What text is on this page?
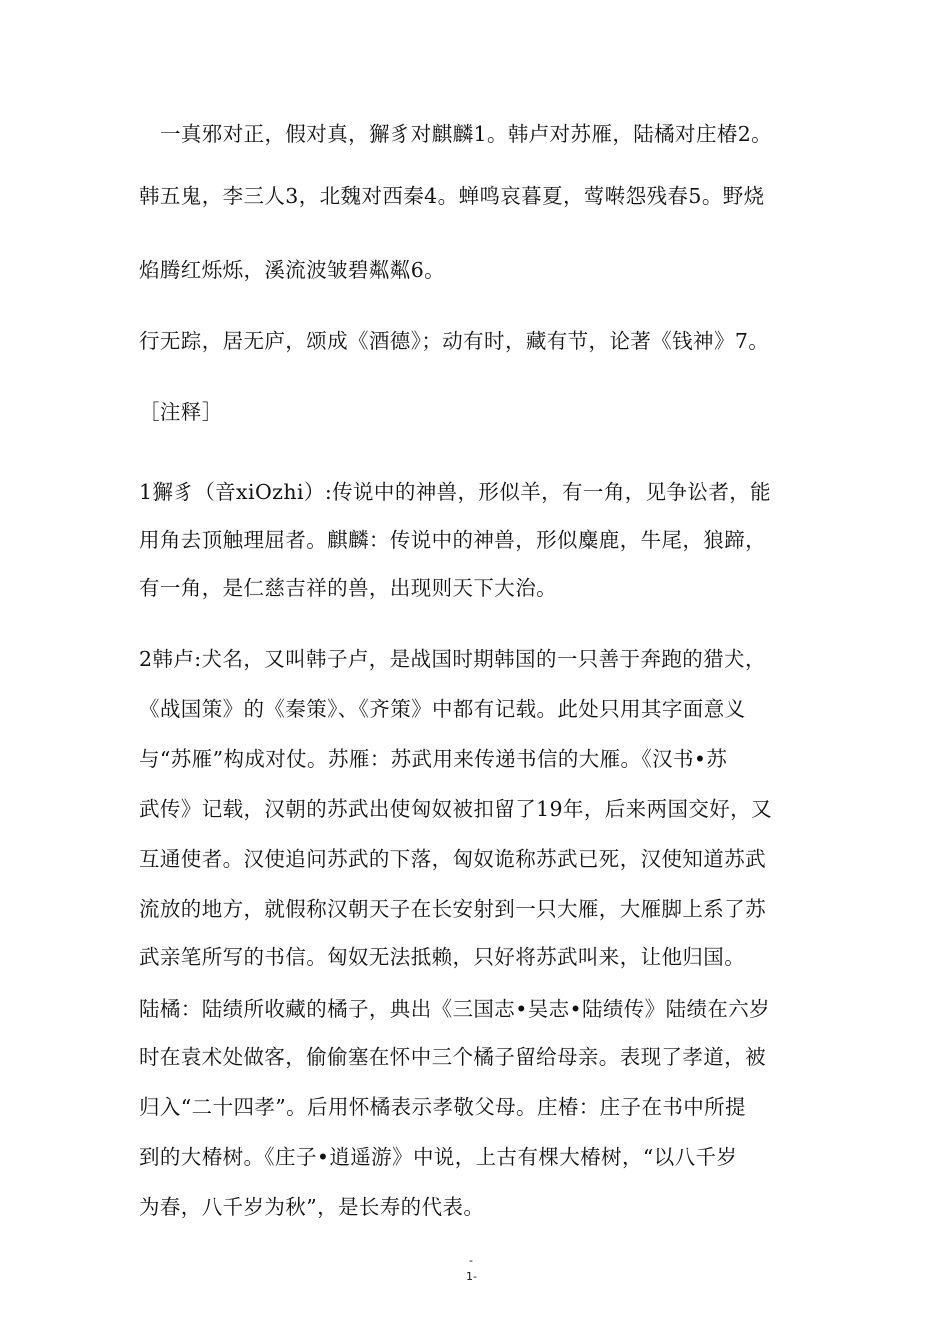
一真邪对正，假对真，獬豸对麒麟1。韩卢对苏雁，陆橘对庄椿2。
韩五鬼，李三人3，北魏对西秦4。蝉鸣哀暮夏，莺啭怨残春5。野烧
焰腾红烁烁，溪流波皱碧粼粼6。
行无踪，居无庐，颂成《酒德》；动有时，藏有节，论著《钱神》7。
［注释］
1獬豸（音xiОzhi）:传说中的神兽，形似羊，有一角，见争讼者，能
用角去顶触理屈者。麒麟：传说中的神兽，形似麋鹿，牛尾，狼蹄，
有一角，是仁慈吉祥的兽，出现则天下大治。
2韩卢:犬名，又叫韩子卢，是战国时期韩国的一只善于奔跑的猎犬，
《战国策》的《秦策》、《齐策》中都有记载。此处只用其字面意义
与“苏雁”构成对仗。苏雁：苏武用来传递书信的大雁。《汉书•苏
武传》记载，汉朝的苏武出使匈奴被扣留了19年，后来两国交好，又
互通使者。汉使追问苏武的下落，匈奴诡称苏武已死，汉使知道苏武
流放的地方，就假称汉朝天子在长安射到一只大雁，大雁脚上系了苏
武亲笔所写的书信。匈奴无法抵赖，只好将苏武叫来，让他归国。
陆橘：陆绩所收藏的橘子，典出《三国志•吴志•陆绩传》陆绩在六岁
时在袁术处做客，偷偷塞在怀中三个橘子留给母亲。表现了孝道，被
归入“二十四孝”。后用怀橘表示孝敬父母。庄椿：庄子在书中所提
到的大椿树。《庄子•逍遥游》中说，上古有棵大椿树，“以八千岁
为春，八千岁为秋”，是长寿的代表。
-
1-
